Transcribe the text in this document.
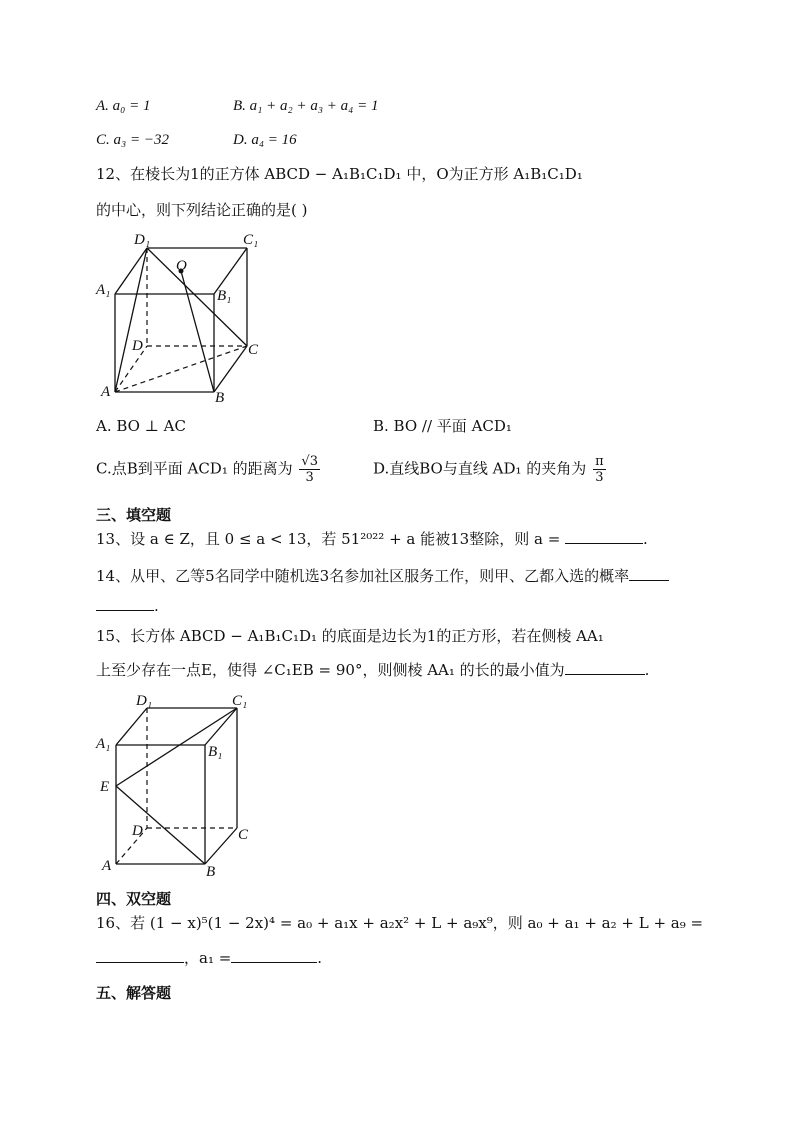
A. a₀ = 1	B. a₁ + a₂ + a₃ + a₄ = 1
C. a₃ = −32	D. a₄ = 16
12、在棱长为1的正方体 ABCD − A₁B₁C₁D₁ 中，O为正方形 A₁B₁C₁D₁
的中心，则下列结论正确的是( )
D₁	C₁
O
A₁	B₁
D	C
A	B
A. BO ⊥ AC	B. BO // 平面 ACD₁
C.点B到平面 ACD₁ 的距离为 $\frac{√3}{3}$	D.直线BO与直线 AD₁ 的夹角为 $\frac{\pi}{3}$
三、填空题
13、设 a ∈ Z，且 0 ≤ a < 13，若 51²⁰²² + a 能被13整除，则 a =	.
14、从甲、乙等5名同学中随机选3名参加社区服务工作，则甲、乙都入选的概率
.
15、长方体 ABCD − A₁B₁C₁D₁ 的底面是边长为1的正方形，若在侧棱 AA₁
上至少存在一点E，使得 ∠C₁EB = 90°，则侧棱 AA₁ 的长的最小值为	.
D₁	C₁
A₁	B₁
E
D	C
A	B
四、双空题
16、若 (1 − x)⁵(1 − 2x)⁴ = a₀ + a₁x + a₂x² + L + a₉x⁹，则 a₀ + a₁ + a₂ + L + a₉ =
，a₁ =	.
五、解答题
